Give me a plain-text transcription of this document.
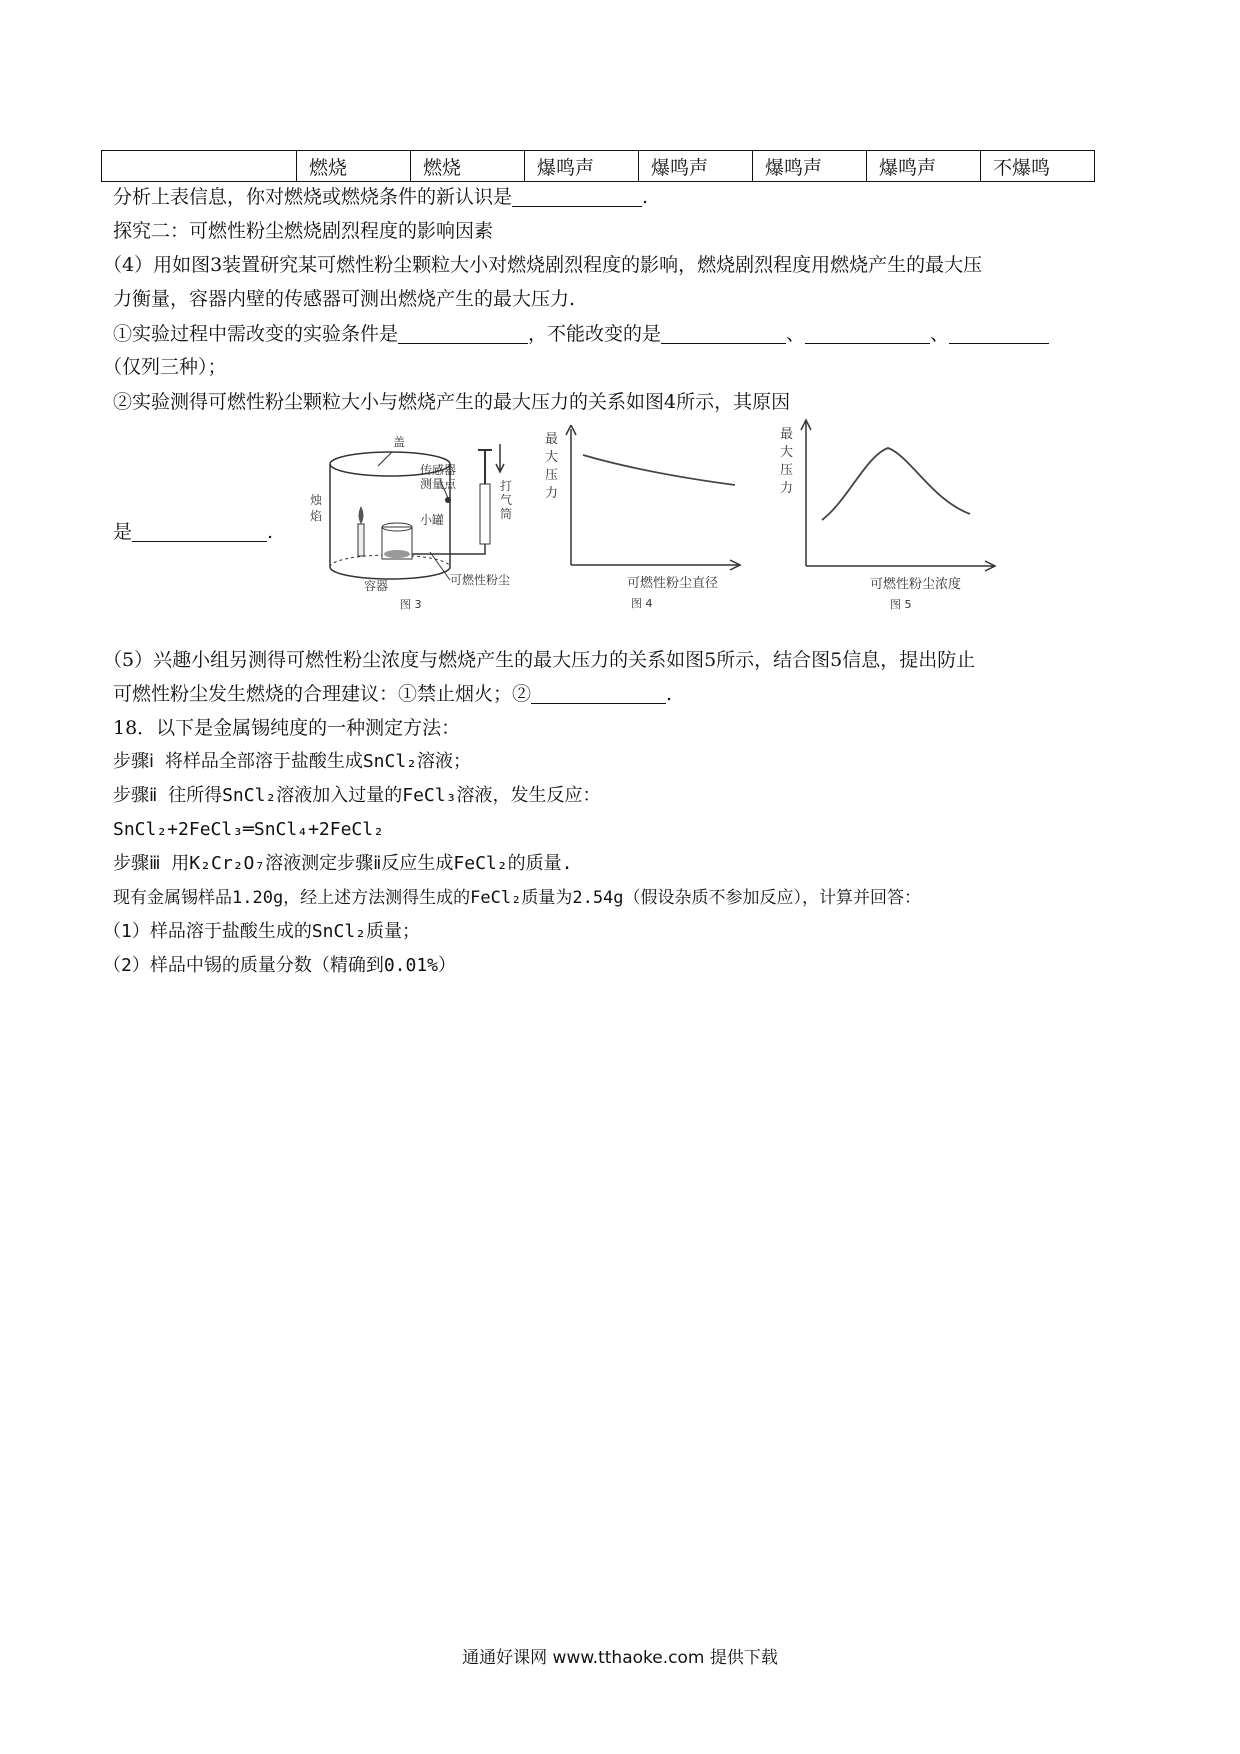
	燃烧	燃烧	爆鸣声	爆鸣声	爆鸣声	爆鸣声	不爆鸣
分析上表信息，你对燃烧或燃烧条件的新认识是	.
探究二：可燃性粉尘燃烧剧烈程度的影响因素
（4）用如图3装置研究某可燃性粉尘颗粒大小对燃烧剧烈程度的影响，燃烧剧烈程度用燃烧产生的最大压
力衡量，容器内壁的传感器可测出燃烧产生的最大压力.
①实验过程中需改变的实验条件是	，不能改变的是	、	、
（仅列三种）；
②实验测得可燃性粉尘颗粒大小与燃烧产生的最大压力的关系如图4所示，其原因
是	.
盖
传感器
测量点	打
气
筒
烛
焰	小罐
可燃性粉尘
容器
图 3
最
大
压
力
可燃性粉尘直径
图 4
最
大
压
力
可燃性粉尘浓度
图 5
（5）兴趣小组另测得可燃性粉尘浓度与燃烧产生的最大压力的关系如图5所示，结合图5信息，提出防止
可燃性粉尘发生燃烧的合理建议：①禁止烟火；②	.
18．以下是金属锡纯度的一种测定方法：
步骤ⅰ 将样品全部溶于盐酸生成SnCl₂溶液；
步骤ⅱ 往所得SnCl₂溶液加入过量的FeCl₃溶液，发生反应：
SnCl₂+2FeCl₃═SnCl₄+2FeCl₂
步骤ⅲ 用K₂Cr₂O₇溶液测定步骤ⅱ反应生成FeCl₂的质量.
现有金属锡样品1.20g，经上述方法测得生成的FeCl₂质量为2.54g（假设杂质不参加反应），计算并回答：
（1）样品溶于盐酸生成的SnCl₂质量；
（2）样品中锡的质量分数（精确到0.01%）
通通好课网 www.tthaoke.com 提供下载
